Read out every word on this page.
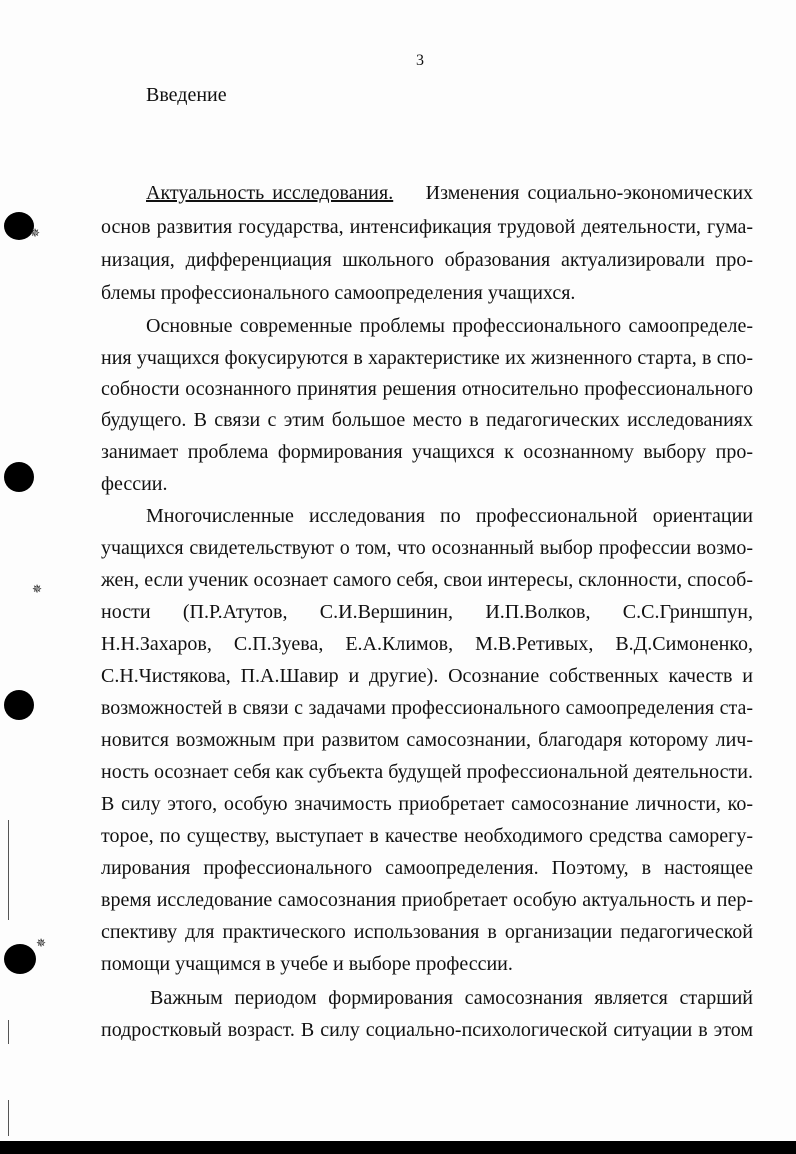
3
Введение
Актуальность исследования. Изменения социально-экономических
основ развития государства, интенсификация трудовой деятельности, гума-
низация, дифференциация школьного образования актуализировали про-
блемы профессионального самоопределения учащихся.
Основные современные проблемы профессионального самоопределе-
ния учащихся фокусируются в характеристике их жизненного старта, в спо-
собности осознанного принятия решения относительно профессионального
будущего. В связи с этим большое место в педагогических исследованиях
занимает проблема формирования учащихся к осознанному выбору про-
фессии.
Многочисленные исследования по профессиональной ориентации
учащихся свидетельствуют о том, что осознанный выбор профессии возмо-
жен, если ученик осознает самого себя, свои интересы, склонности, способ-
ности (П.Р.Атутов, С.И.Вершинин, И.П.Волков, С.С.Гриншпун,
Н.Н.Захаров, С.П.Зуева, Е.А.Климов, М.В.Ретивых, В.Д.Симоненко,
С.Н.Чистякова, П.А.Шавир и другие). Осознание собственных качеств и
возможностей в связи с задачами профессионального самоопределения ста-
новится возможным при развитом самосознании, благодаря которому лич-
ность осознает себя как субъекта будущей профессиональной деятельности.
В силу этого, особую значимость приобретает самосознание личности, ко-
торое, по существу, выступает в качестве необходимого средства саморегу-
лирования профессионального самоопределения. Поэтому, в настоящее
время исследование самосознания приобретает особую актуальность и пер-
спективу для практического использования в организации педагогической
помощи учащимся в учебе и выборе профессии.
Важным периодом формирования самосознания является старший
подростковый возраст. В силу социально-психологической ситуации в этом
✵
✵
✵
